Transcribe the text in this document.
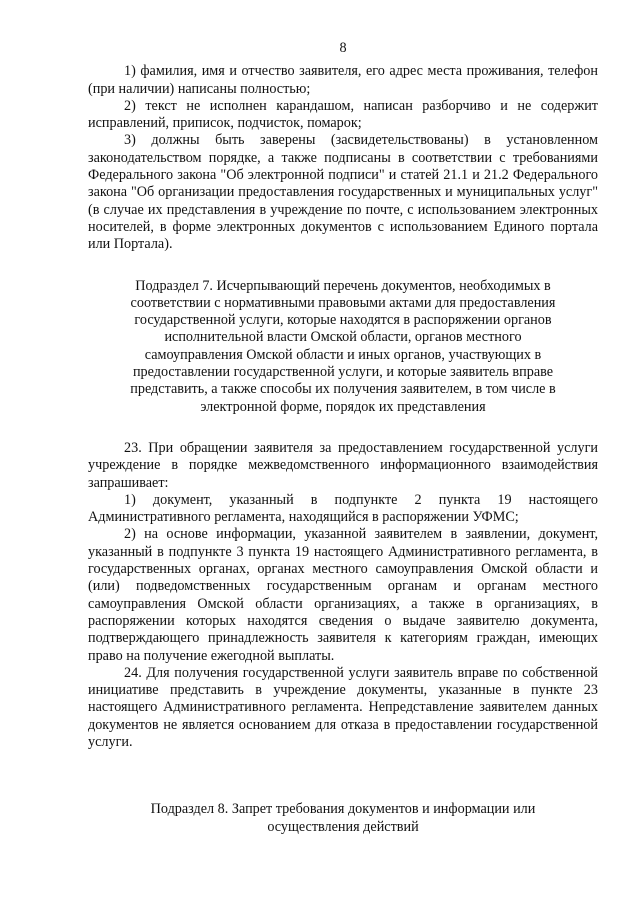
8

1) фамилия, имя и отчество заявителя, его адрес места проживания, телефон (при наличии) написаны полностью;

2) текст не исполнен карандашом, написан разборчиво и не содержит исправлений, приписок, подчисток, помарок;

3) должны быть заверены (засвидетельствованы) в установленном законодательством порядке, а также подписаны в соответствии с требованиями Федерального закона "Об электронной подписи" и статей 21.1 и 21.2 Федерального закона "Об организации предоставления государственных и муниципальных услуг" (в случае их представления в учреждение по почте, с использованием электронных носителей, в форме электронных документов с использованием Единого портала или Портала).

Подраздел 7. Исчерпывающий перечень документов, необходимых в соответствии с нормативными правовыми актами для предоставления государственной услуги, которые находятся в распоряжении органов исполнительной власти Омской области, органов местного самоуправления Омской области и иных органов, участвующих в предоставлении государственной услуги, и которые заявитель вправе представить, а также способы их получения заявителем, в том числе в электронной форме, порядок их представления

23. При обращении заявителя за предоставлением государственной услуги учреждение в порядке межведомственного информационного взаимодействия запрашивает:

1) документ, указанный в подпункте 2 пункта 19 настоящего Административного регламента, находящийся в распоряжении УФМС;

2) на основе информации, указанной заявителем в заявлении, документ, указанный в подпункте 3 пункта 19 настоящего Административного регламента, в государственных органах, органах местного самоуправления Омской области и (или) подведомственных государственным органам и органам местного самоуправления Омской области организациях, а также в организациях, в распоряжении которых находятся сведения о выдаче заявителю документа, подтверждающего принадлежность заявителя к категориям граждан, имеющих право на получение ежегодной выплаты.

24. Для получения государственной услуги заявитель вправе по собственной инициативе представить в учреждение документы, указанные в пункте 23 настоящего Административного регламента. Непредставление заявителем данных документов не является основанием для отказа в предоставлении государственной услуги.

Подраздел 8. Запрет требования документов и информации или осуществления действий
